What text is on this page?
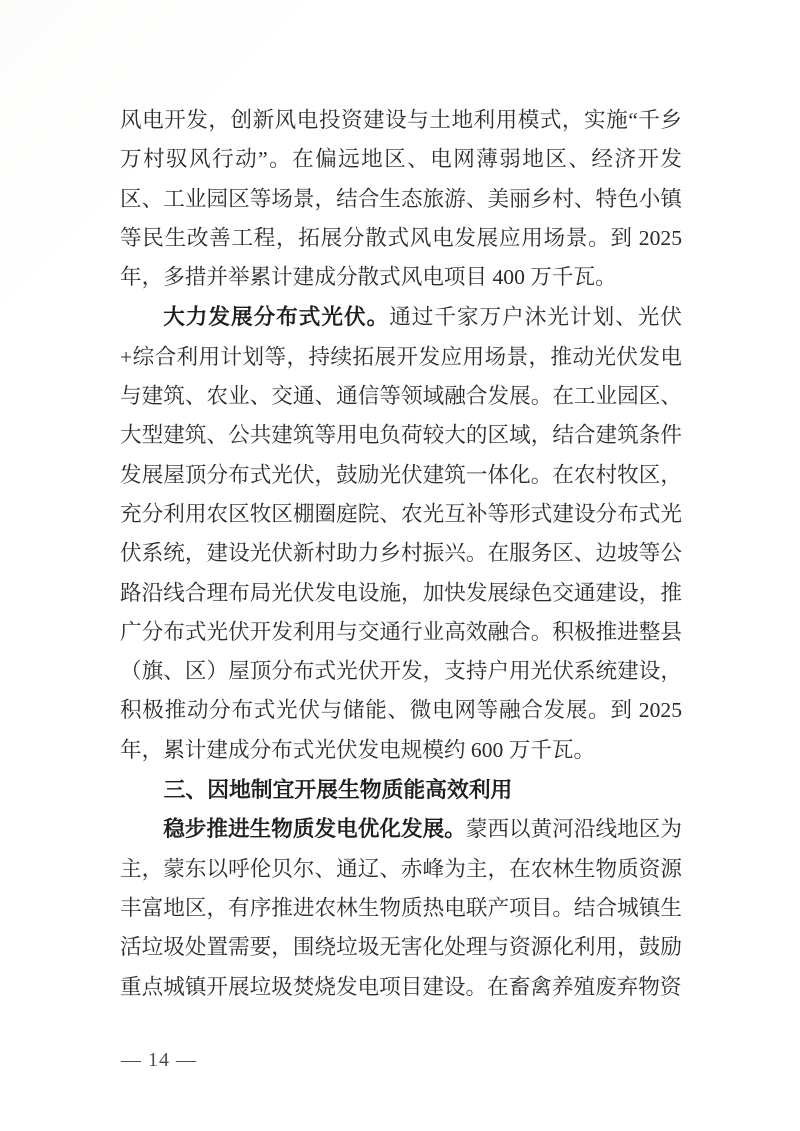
风电开发，创新风电投资建设与土地利用模式，实施“千乡万村驭风行动”。在偏远地区、电网薄弱地区、经济开发区、工业园区等场景，结合生态旅游、美丽乡村、特色小镇等民生改善工程，拓展分散式风电发展应用场景。到 2025 年，多措并举累计建成分散式风电项目 400 万千瓦。

大力发展分布式光伏。通过千家万户沐光计划、光伏+综合利用计划等，持续拓展开发应用场景，推动光伏发电与建筑、农业、交通、通信等领域融合发展。在工业园区、大型建筑、公共建筑等用电负荷较大的区域，结合建筑条件发展屋顶分布式光伏，鼓励光伏建筑一体化。在农村牧区，充分利用农区牧区棚圈庭院、农光互补等形式建设分布式光伏系统，建设光伏新村助力乡村振兴。在服务区、边坡等公路沿线合理布局光伏发电设施，加快发展绿色交通建设，推广分布式光伏开发利用与交通行业高效融合。积极推进整县（旗、区）屋顶分布式光伏开发，支持户用光伏系统建设，积极推动分布式光伏与储能、微电网等融合发展。到 2025 年，累计建成分布式光伏发电规模约 600 万千瓦。

三、因地制宜开展生物质能高效利用

稳步推进生物质发电优化发展。蒙西以黄河沿线地区为主，蒙东以呼伦贝尔、通辽、赤峰为主，在农林生物质资源丰富地区，有序推进农林生物质热电联产项目。结合城镇生活垃圾处置需要，围绕垃圾无害化处理与资源化利用，鼓励重点城镇开展垃圾焚烧发电项目建设。在畜禽养殖废弃物资

— 14 —
